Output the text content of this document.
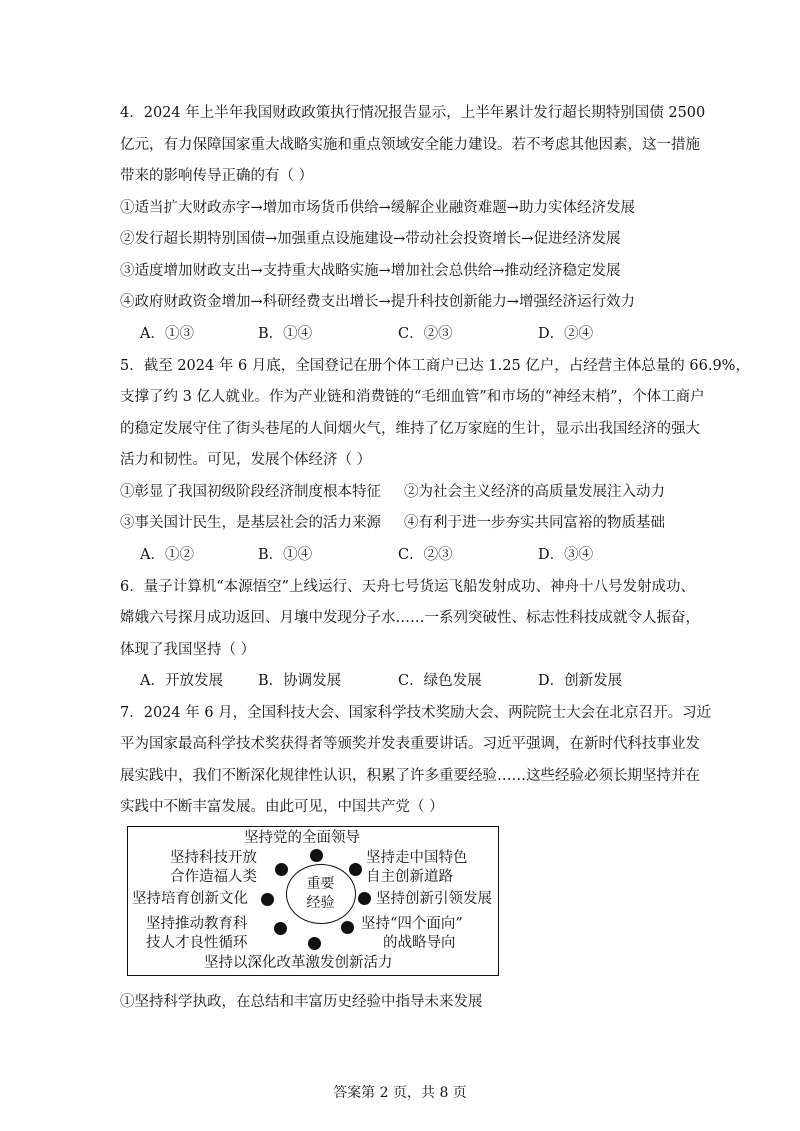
4．2024 年上半年我国财政政策执行情况报告显示，上半年累计发行超长期特别国债 2500
亿元，有力保障国家重大战略实施和重点领域安全能力建设。若不考虑其他因素，这一措施
带来的影响传导正确的有（ ）
①适当扩大财政赤字→增加市场货币供给→缓解企业融资难题→助力实体经济发展
②发行超长期特别国债→加强重点设施建设→带动社会投资增长→促进经济发展
③适度增加财政支出→支持重大战略实施→增加社会总供给→推动经济稳定发展
④政府财政资金增加→科研经费支出增长→提升科技创新能力→增强经济运行效力
A．①③	B．①④	C．②③	D．②④
5．截至 2024 年 6 月底，全国登记在册个体工商户已达 1.25 亿户，占经营主体总量的 66.9%，
支撑了约 3 亿人就业。作为产业链和消费链的“毛细血管”和市场的“神经末梢”，个体工商户
的稳定发展守住了街头巷尾的人间烟火气，维持了亿万家庭的生计，显示出我国经济的强大
活力和韧性。可见，发展个体经济（ ）
①彰显了我国初级阶段经济制度根本特征 ②为社会主义经济的高质量发展注入动力
③事关国计民生，是基层社会的活力来源 ④有利于进一步夯实共同富裕的物质基础
A．①②	B．①④	C．②③	D．③④
6．量子计算机“本源悟空”上线运行、天舟七号货运飞船发射成功、神舟十八号发射成功、
嫦娥六号探月成功返回、月壤中发现分子水……一系列突破性、标志性科技成就令人振奋，
体现了我国坚持（ ）
A．开放发展 B．协调发展	C．绿色发展	D．创新发展
7．2024 年 6 月，全国科技大会、国家科学技术奖励大会、两院院士大会在北京召开。习近
平为国家最高科学技术奖获得者等颁奖并发表重要讲话。习近平强调，在新时代科技事业发
展实践中，我们不断深化规律性认识，积累了许多重要经验……这些经验必须长期坚持并在
实践中不断丰富发展。由此可见，中国共产党（ ）
重要
经验
坚持党的全面领导
坚持走中国特色
自主创新道路
坚持创新引领发展
坚持“四个面向”
的战略导向
坚持以深化改革激发创新活力
坚持推动教育科
技人才良性循环
坚持培育创新文化
坚持科技开放
合作造福人类
①坚持科学执政，在总结和丰富历史经验中指导未来发展
答案第 2 页，共 8 页
